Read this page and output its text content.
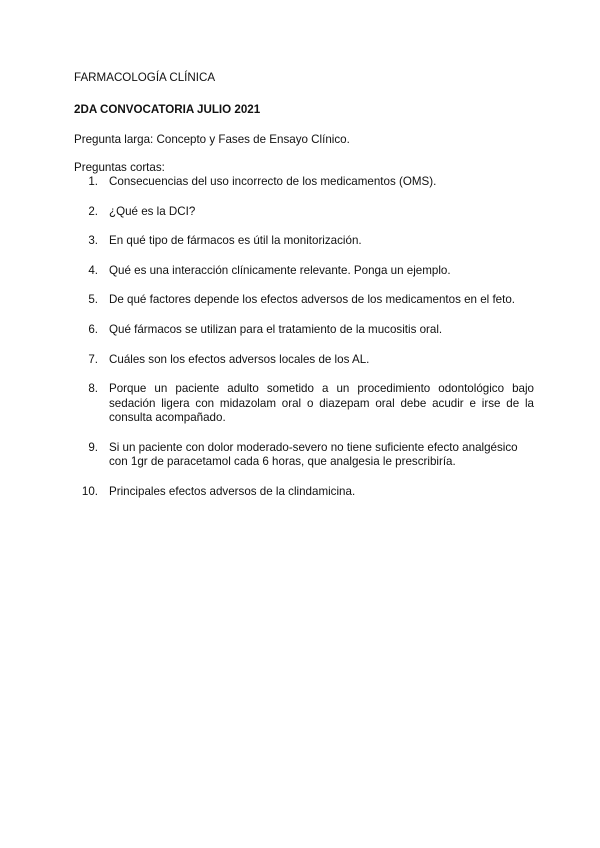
FARMACOLOGÍA CLÍNICA
2DA CONVOCATORIA JULIO 2021
Pregunta larga: Concepto y Fases de Ensayo Clínico.
Preguntas cortas:
1. Consecuencias del uso incorrecto de los medicamentos (OMS).
2. ¿Qué es la DCI?
3. En qué tipo de fármacos es útil la monitorización.
4. Qué es una interacción clínicamente relevante. Ponga un ejemplo.
5. De qué factores depende los efectos adversos de los medicamentos en el feto.
6. Qué fármacos se utilizan para el tratamiento de la mucositis oral.
7. Cuáles son los efectos adversos locales de los AL.
8. Porque un paciente adulto sometido a un procedimiento odontológico bajo sedación ligera con midazolam oral o diazepam oral debe acudir e irse de la consulta acompañado.
9. Si un paciente con dolor moderado-severo no tiene suficiente efecto analgésico con 1gr de paracetamol cada 6 horas, que analgesia le prescribiría.
10. Principales efectos adversos de la clindamicina.
